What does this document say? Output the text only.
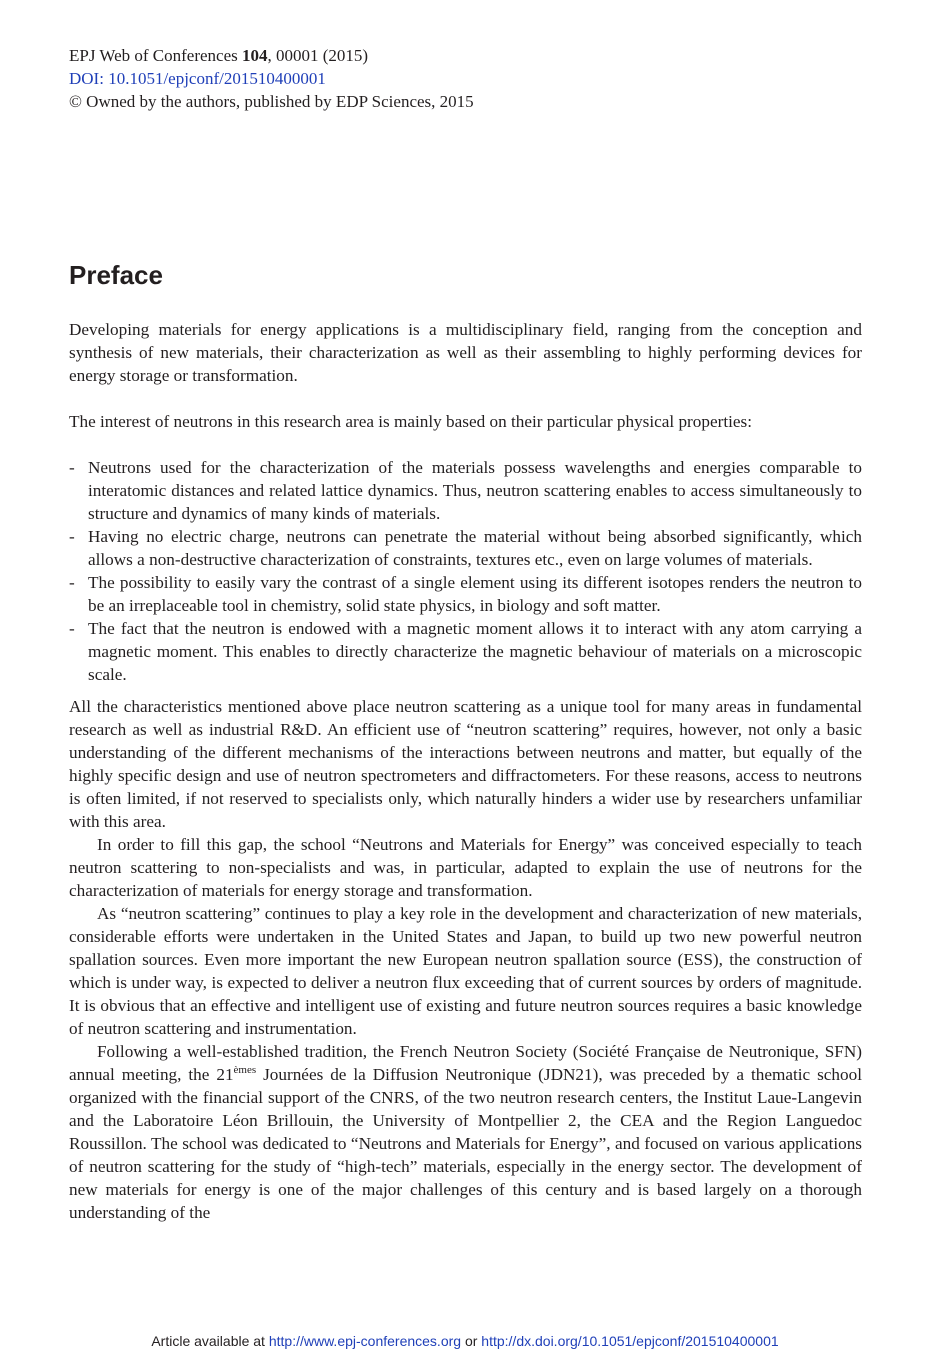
EPJ Web of Conferences 104, 00001 (2015)
DOI: 10.1051/epjconf/201510400001
© Owned by the authors, published by EDP Sciences, 2015
Preface

Developing materials for energy applications is a multidisciplinary field, ranging from the conception and synthesis of new materials, their characterization as well as their assembling to highly performing devices for energy storage or transformation.

The interest of neutrons in this research area is mainly based on their particular physical properties:

- Neutrons used for the characterization of the materials possess wavelengths and energies comparable to interatomic distances and related lattice dynamics. Thus, neutron scattering enables to access simultaneously to structure and dynamics of many kinds of materials.
- Having no electric charge, neutrons can penetrate the material without being absorbed significantly, which allows a non-destructive characterization of constraints, textures etc., even on large volumes of materials.
- The possibility to easily vary the contrast of a single element using its different isotopes renders the neutron to be an irreplaceable tool in chemistry, solid state physics, in biology and soft matter.
- The fact that the neutron is endowed with a magnetic moment allows it to interact with any atom carrying a magnetic moment. This enables to directly characterize the magnetic behaviour of materials on a microscopic scale.

All the characteristics mentioned above place neutron scattering as a unique tool for many areas in fundamental research as well as industrial R&D. An efficient use of “neutron scattering” requires, however, not only a basic understanding of the different mechanisms of the interactions between neutrons and matter, but equally of the highly specific design and use of neutron spectrometers and diffractometers. For these reasons, access to neutrons is often limited, if not reserved to specialists only, which naturally hinders a wider use by researchers unfamiliar with this area.

In order to fill this gap, the school “Neutrons and Materials for Energy” was conceived especially to teach neutron scattering to non-specialists and was, in particular, adapted to explain the use of neutrons for the characterization of materials for energy storage and transformation.

As “neutron scattering” continues to play a key role in the development and characterization of new materials, considerable efforts were undertaken in the United States and Japan, to build up two new powerful neutron spallation sources. Even more important the new European neutron spallation source (ESS), the construction of which is under way, is expected to deliver a neutron flux exceeding that of current sources by orders of magnitude. It is obvious that an effective and intelligent use of existing and future neutron sources requires a basic knowledge of neutron scattering and instrumentation.

Following a well-established tradition, the French Neutron Society (Société Française de Neutronique, SFN) annual meeting, the 21èmes Journées de la Diffusion Neutronique (JDN21), was preceded by a thematic school organized with the financial support of the CNRS, of the two neutron research centers, the Institut Laue-Langevin and the Laboratoire Léon Brillouin, the University of Montpellier 2, the CEA and the Region Languedoc Roussillon. The school was dedicated to “Neutrons and Materials for Energy”, and focused on various applications of neutron scattering for the study of “high-tech” materials, especially in the energy sector. The development of new materials for energy is one of the major challenges of this century and is based largely on a thorough understanding of the

Article available at http://www.epj-conferences.org or http://dx.doi.org/10.1051/epjconf/201510400001
